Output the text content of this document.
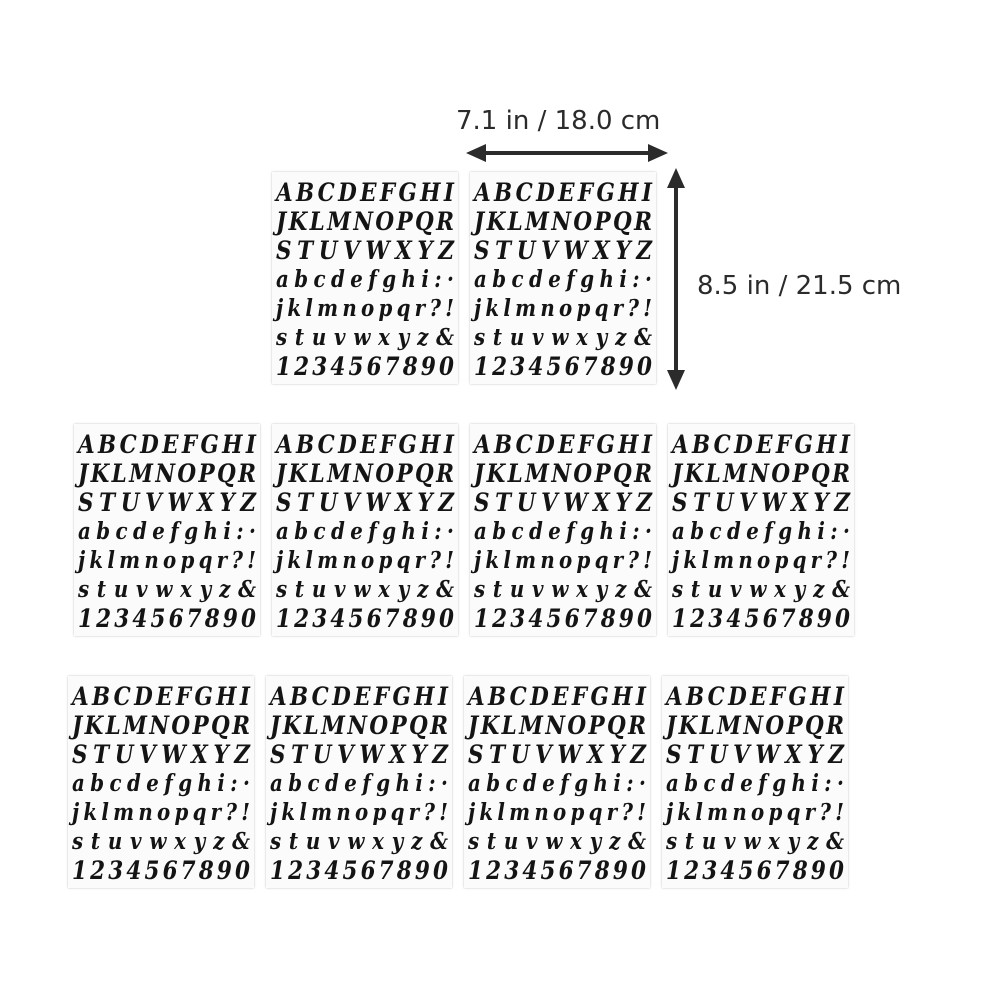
7.1 in / 18.0 cm
8.5 in / 21.5 cm
A B C D E F G H I
J K L M N O P Q R
S T U V W X Y Z
a b c d e f g h i : ·
j k l m n o p q r ? !
s t u v w x y z &
1 2 3 4 5 6 7 8 9 0
A B C D E F G H I
J K L M N O P Q R
S T U V W X Y Z
a b c d e f g h i : ·
j k l m n o p q r ? !
s t u v w x y z &
1 2 3 4 5 6 7 8 9 0
A B C D E F G H I
J K L M N O P Q R
S T U V W X Y Z
a b c d e f g h i : ·
j k l m n o p q r ? !
s t u v w x y z &
1 2 3 4 5 6 7 8 9 0
A B C D E F G H I
J K L M N O P Q R
S T U V W X Y Z
a b c d e f g h i : ·
j k l m n o p q r ? !
s t u v w x y z &
1 2 3 4 5 6 7 8 9 0
A B C D E F G H I
J K L M N O P Q R
S T U V W X Y Z
a b c d e f g h i : ·
j k l m n o p q r ? !
s t u v w x y z &
1 2 3 4 5 6 7 8 9 0
A B C D E F G H I
J K L M N O P Q R
S T U V W X Y Z
a b c d e f g h i : ·
j k l m n o p q r ? !
s t u v w x y z &
1 2 3 4 5 6 7 8 9 0
A B C D E F G H I
J K L M N O P Q R
S T U V W X Y Z
a b c d e f g h i : ·
j k l m n o p q r ? !
s t u v w x y z &
1 2 3 4 5 6 7 8 9 0
A B C D E F G H I
J K L M N O P Q R
S T U V W X Y Z
a b c d e f g h i : ·
j k l m n o p q r ? !
s t u v w x y z &
1 2 3 4 5 6 7 8 9 0
A B C D E F G H I
J K L M N O P Q R
S T U V W X Y Z
a b c d e f g h i : ·
j k l m n o p q r ? !
s t u v w x y z &
1 2 3 4 5 6 7 8 9 0
A B C D E F G H I
J K L M N O P Q R
S T U V W X Y Z
a b c d e f g h i : ·
j k l m n o p q r ? !
s t u v w x y z &
1 2 3 4 5 6 7 8 9 0
